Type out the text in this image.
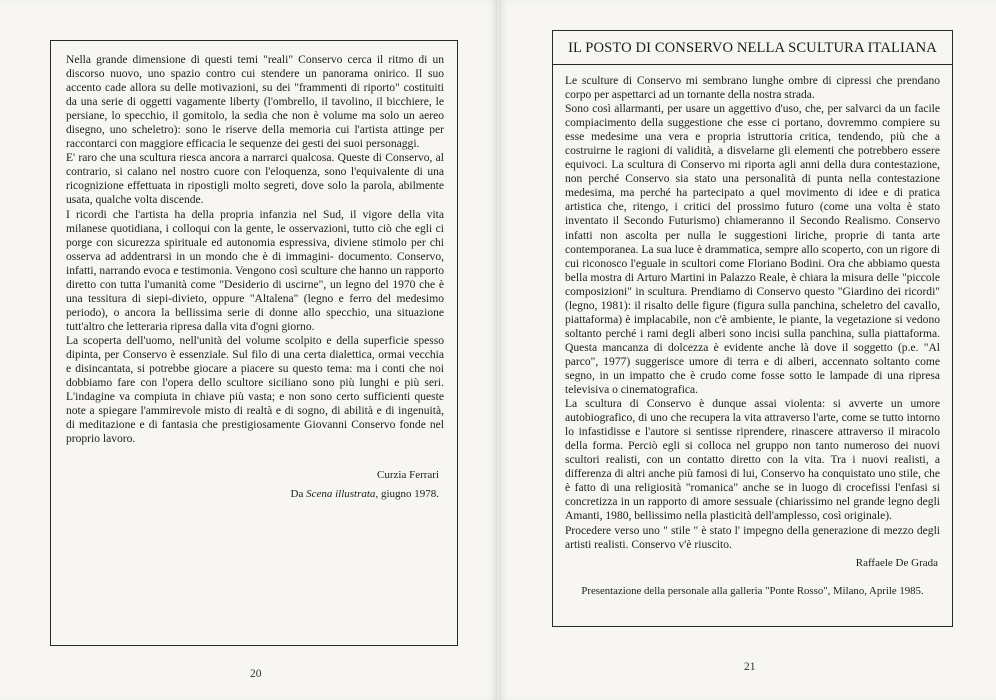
Nella grande dimensione di questi temi "reali" Conservo cerca il ritmo di un discorso nuovo, uno spazio contro cui stendere un panorama onirico. Il suo accento cade allora su delle motivazioni, su dei "frammenti di riporto" costituiti da una serie di oggetti vagamente liberty (l'ombrello, il tavolino, il bicchiere, le persiane, lo specchio, il gomitolo, la sedia che non è volume ma solo un aereo disegno, uno scheletro): sono le riserve della memoria cui l'artista attinge per raccontarci con maggiore efficacia le sequenze dei gesti dei suoi personaggi.

E' raro che una scultura riesca ancora a narrarci qualcosa. Queste di Conservo, al contrario, si calano nel nostro cuore con l'eloquenza, sono l'equivalente di una ricognizione effettuata in ripostigli molto segreti, dove solo la parola, abilmente usata, qualche volta discende.

I ricordi che l'artista ha della propria infanzia nel Sud, il vigore della vita milanese quotidiana, i colloqui con la gente, le osservazioni, tutto ciò che egli ci porge con sicurezza spirituale ed autonomia espressiva, diviene stimolo per chi osserva ad addentrarsi in un mondo che è di immagini- documento. Conservo, infatti, narrando evoca e testimonia. Vengono così sculture che hanno un rapporto diretto con tutta l'umanità come "Desiderio di uscirne", un legno del 1970 che è una tessitura di siepi-divieto, oppure "Altalena" (legno e ferro del medesimo periodo), o ancora la bellissima serie di donne allo specchio, una situazione tutt'altro che letteraria ripresa dalla vita d'ogni giorno.

La scoperta dell'uomo, nell'unità del volume scolpito e della superficie spesso dipinta, per Conservo è essenziale. Sul filo di una certa dialettica, ormai vecchia e disincantata, si potrebbe giocare a piacere su questo tema: ma i conti che noi dobbiamo fare con l'opera dello scultore siciliano sono più lunghi e più seri. L'indagine va compiuta in chiave più vasta; e non sono certo sufficienti queste note a spiegare l'ammirevole misto di realtà e di sogno, di abilità e di ingenuità, di meditazione e di fantasia che prestigiosamente Giovanni Conservo fonde nel proprio lavoro.

Curzia Ferrari
Da Scena illustrata, giugno 1978.
20
IL POSTO DI CONSERVO NELLA SCULTURA ITALIANA

Le sculture di Conservo mi sembrano lunghe ombre di cipressi che prendano corpo per aspettarci ad un tornante della nostra strada.

Sono così allarmanti, per usare un aggettivo d'uso, che, per salvarci da un facile compiacimento della suggestione che esse ci portano, dovremmo compiere su esse medesime una vera e propria istruttoria critica, tendendo, più che a costruirne le ragioni di validità, a disvelarne gli elementi che potrebbero essere equivoci. La scultura di Conservo mi riporta agli anni della dura contestazione, non perché Conservo sia stato una personalità di punta nella contestazione medesima, ma perché ha partecipato a quel movimento di idee e di pratica artistica che, ritengo, i critici del prossimo futuro (come una volta è stato inventato il Secondo Futurismo) chiameranno il Secondo Realismo. Conservo infatti non ascolta per nulla le suggestioni liriche, proprie di tanta arte contemporanea. La sua luce è drammatica, sempre allo scoperto, con un rigore di cui riconosco l'eguale in scultori come Floriano Bodini. Ora che abbiamo questa bella mostra di Arturo Martini in Palazzo Reale, è chiara la misura delle "piccole composizioni" in scultura. Prendiamo di Conservo questo "Giardino dei ricordi" (legno, 1981): il risalto delle figure (figura sulla panchina, scheletro del cavallo, piattaforma) è implacabile, non c'è ambiente, le piante, la vegetazione si vedono soltanto perché i rami degli alberi sono incisi sulla panchina, sulla piattaforma. Questa mancanza di dolcezza è evidente anche là dove il soggetto (p.e. "Al parco", 1977) suggerisce umore di terra e di alberi, accennato soltanto come segno, in un impatto che è crudo come fosse sotto le lampade di una ripresa televisiva o cinematografica.

La scultura di Conservo è dunque assai violenta: si avverte un umore autobiografico, di uno che recupera la vita attraverso l'arte, come se tutto intorno lo infastidisse e l'autore si sentisse riprendere, rinascere attraverso il miracolo della forma. Perciò egli si colloca nel gruppo non tanto numeroso dei nuovi scultori realisti, con un contatto diretto con la vita. Tra i nuovi realisti, a differenza di altri anche più famosi di lui, Conservo ha conquistato uno stile, che è fatto di una religiosità "romanica" anche se in luogo di crocefissi l'enfasi si concretizza in un rapporto di amore sessuale (chiarissimo nel grande legno degli Amanti, 1980, bellissimo nella plasticità dell'amplesso, così originale).

Procedere verso uno " stile " è stato l' impegno della generazione di mezzo degli artisti realisti. Conservo v'è riuscito.

Raffaele De Grada
Presentazione della personale alla galleria "Ponte Rosso", Milano, Aprile 1985.
21
